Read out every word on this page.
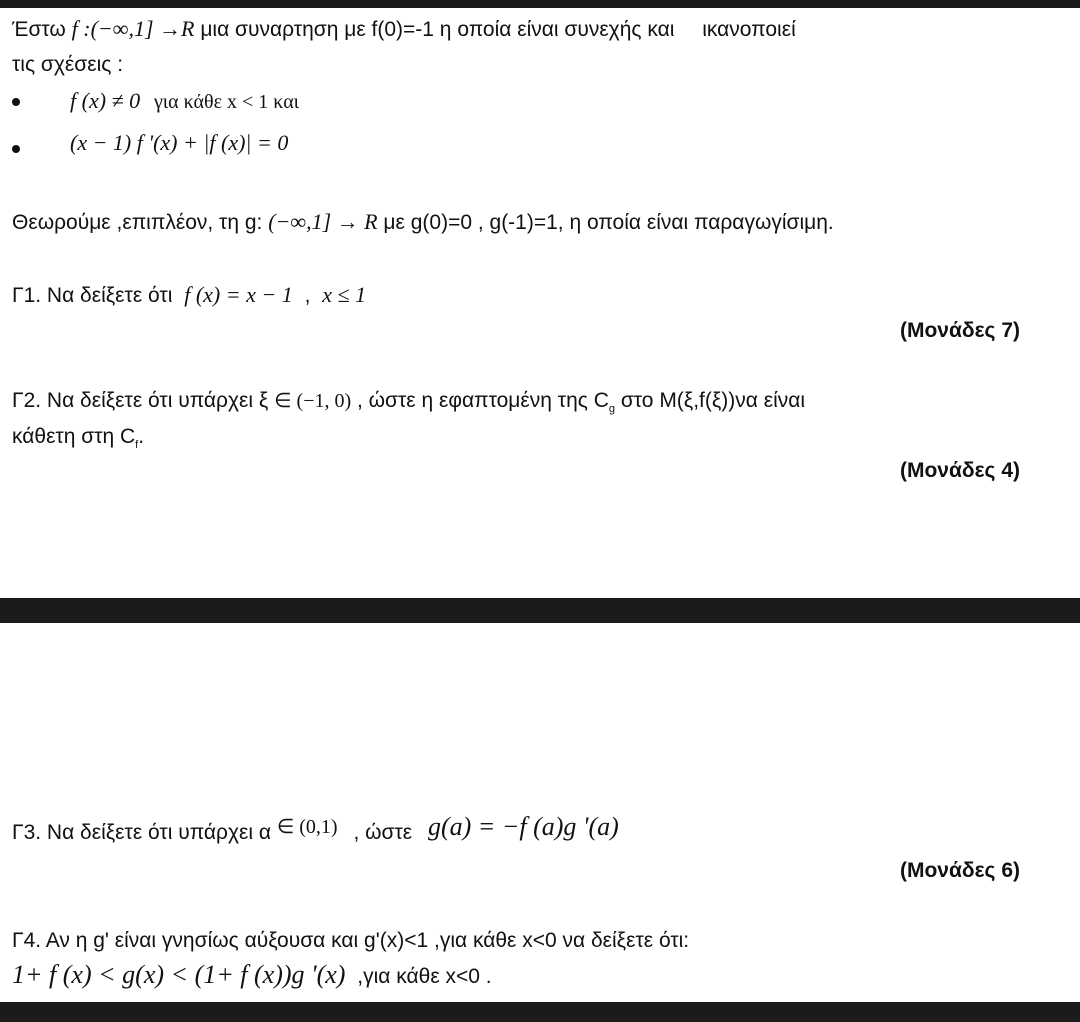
Έστω f :(−∞,1] →R μια συναρτηση με f(0)=-1 η οποία είναι συνεχής και ικανοποιεί
τις σχέσεις :
f (x) ≠ 0 για κάθε x < 1 και
(x − 1) f '(x) + |f (x)| = 0
Θεωρούμε ,επιπλέον, τη g: (−∞,1] → R με g(0)=0 , g(-1)=1, η οποία είναι παραγωγίσιμη.
Γ1. Να δείξετε ότι f (x) = x − 1 , x ≤ 1
(Μονάδες 7)
Γ2. Να δείξετε ότι υπάρχει ξ ∈ (−1, 0) , ώστε η εφαπτομένη της $C_g$ στο Μ(ξ,f(ξ))να είναι
κάθετη στη $C_f$.
(Μονάδες 4)
Γ3. Να δείξετε ότι υπάρχει α ∈ (0,1) , ώστε g(a) = −f (a)g '(a)
(Μονάδες 6)
Γ4. Αν η g' είναι γνησίως αύξουσα και g'(x)<1 ,για κάθε x<0 να δείξετε ότι:
1+ f (x) < g(x) < (1+ f (x))g '(x) ,για κάθε x<0 .
